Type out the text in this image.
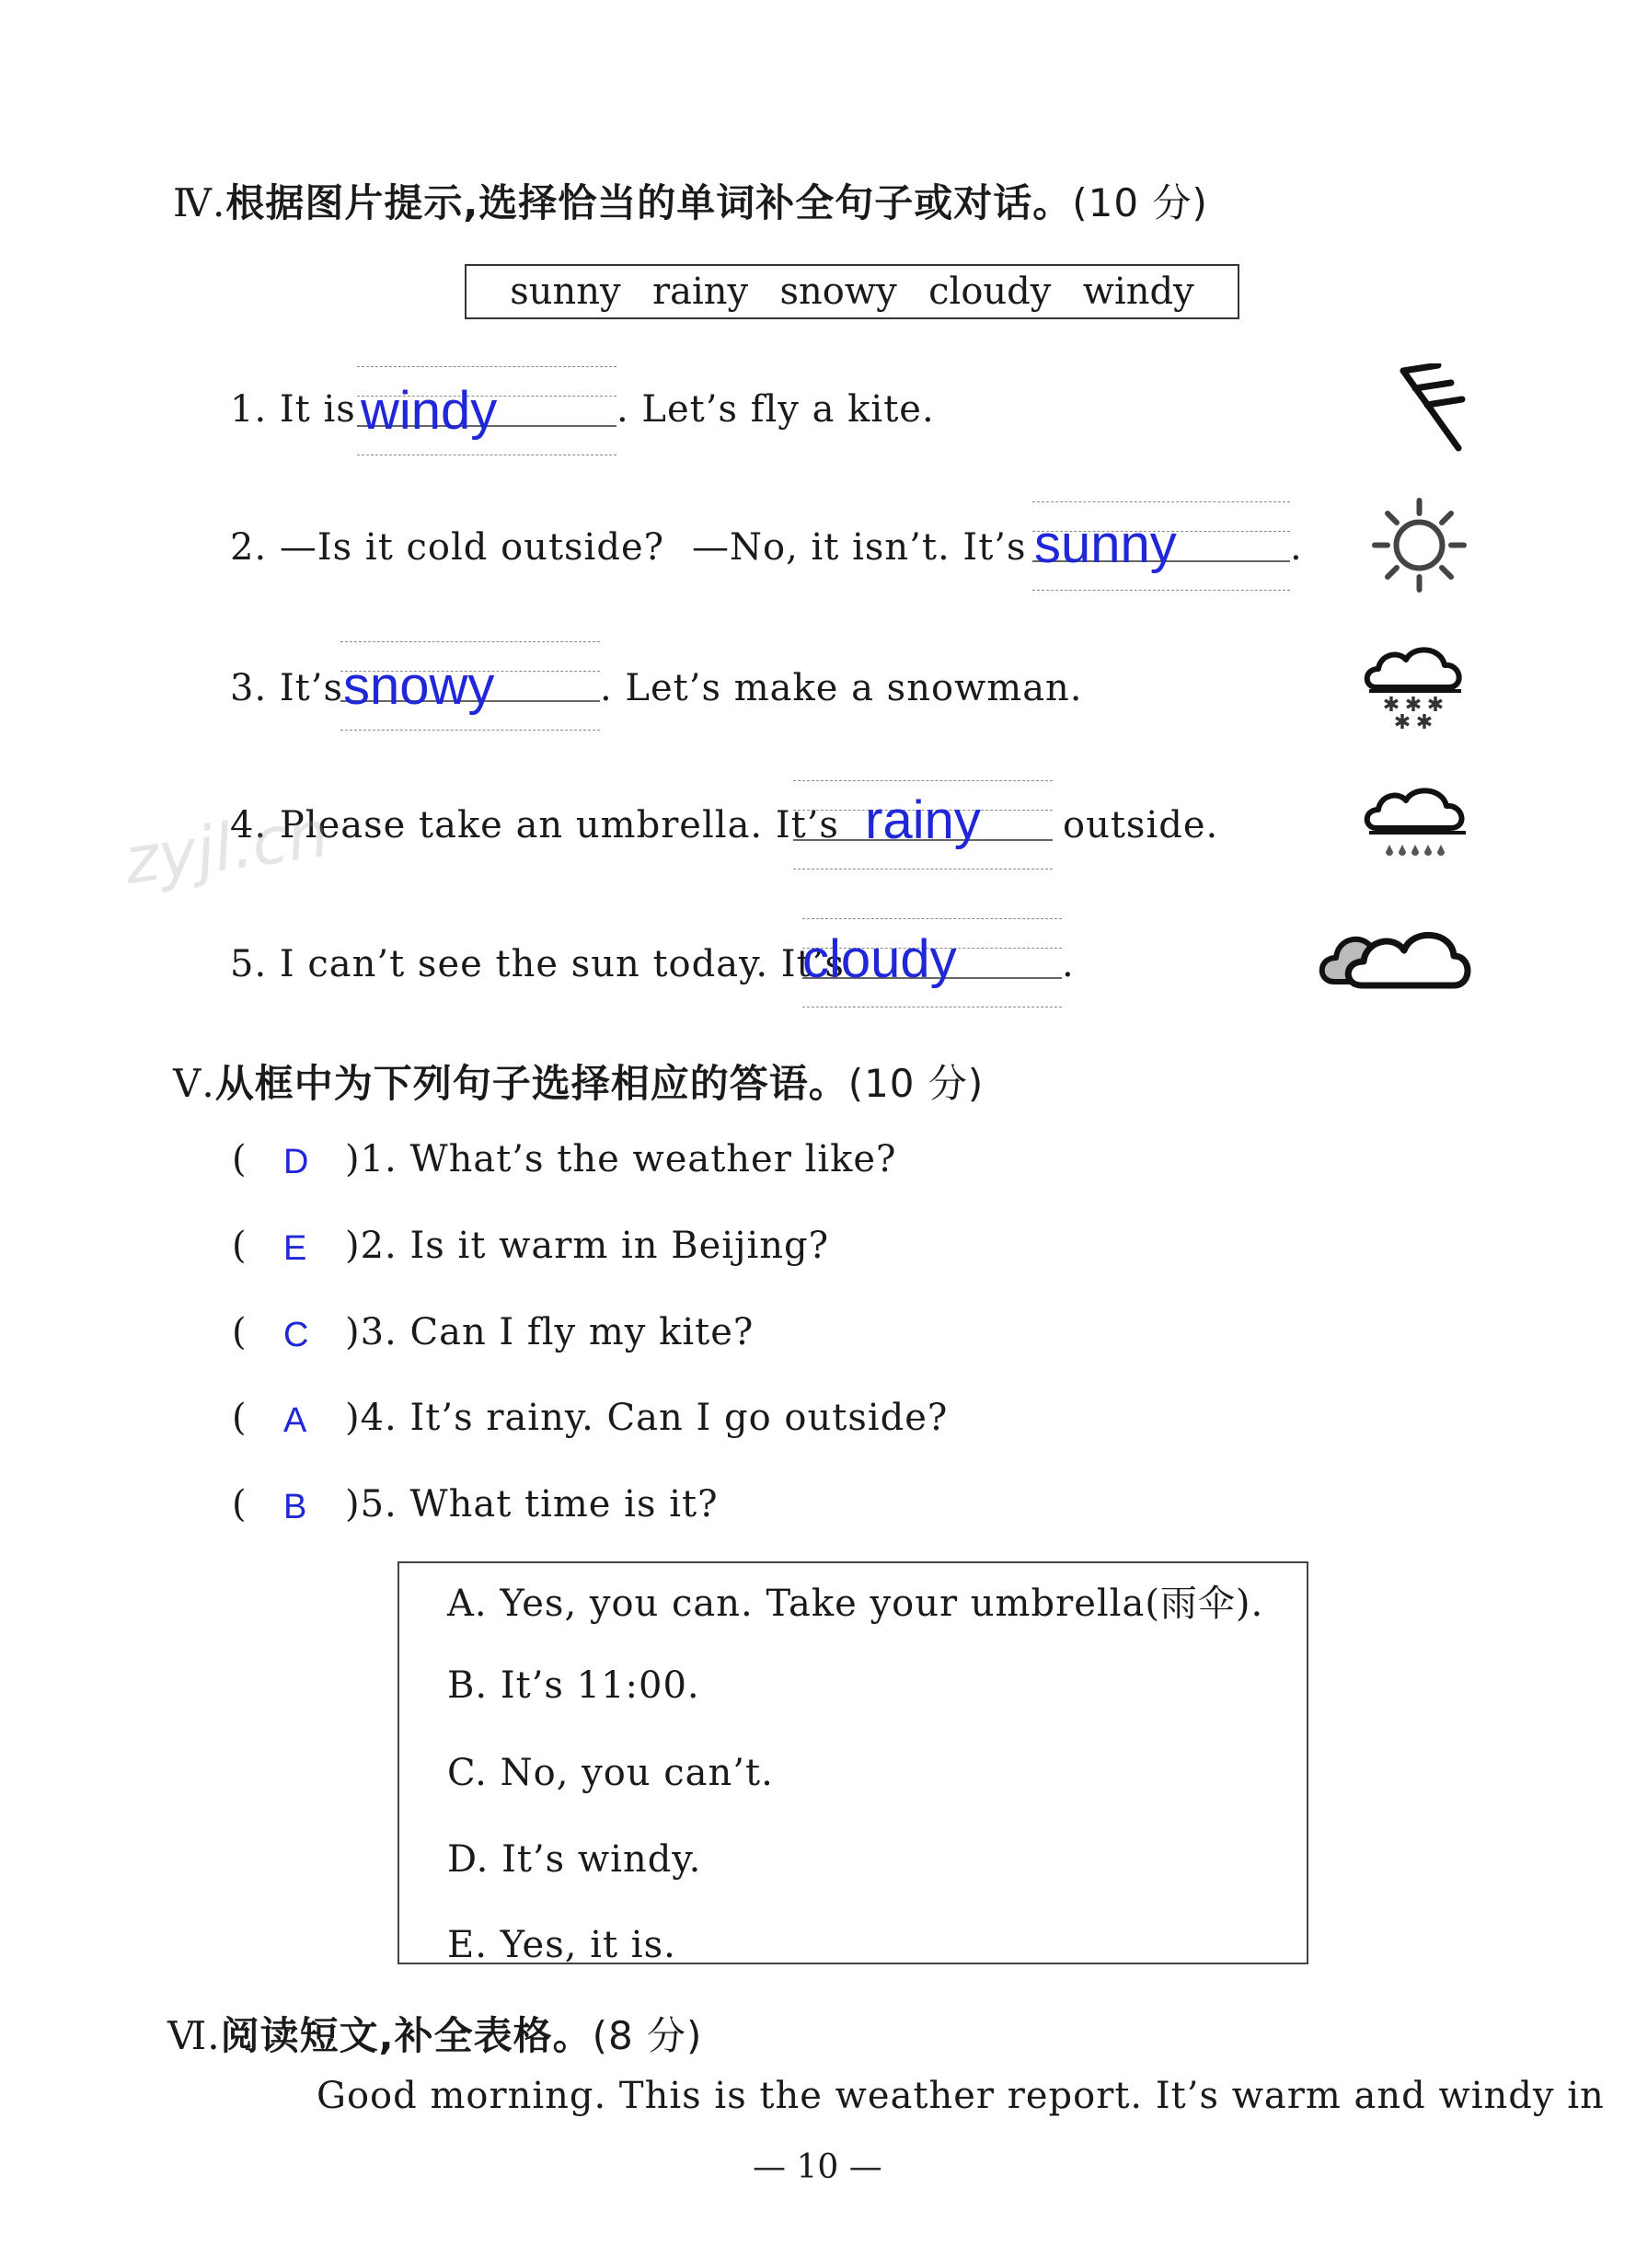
Ⅳ.根据图片提示,选择恰当的单词补全句子或对话。(10 分)
sunny rainy snowy cloudy windy
1. It is windy	. Let’s fly a kite.
2. —Is it cold outside? —No, it isn’t. It’s sunny	.
3. It’s snowy	. Let’s make a snowman.	✱ ✱ ✱
✱ ✱
4. Please take an umbrella. It’s rainy	outside.
5. I can’t see the sun today. It’s
cloudy	.
Ⅴ.从框中为下列句子选择相应的答语。(10 分)
( D )1. What’s the weather like?
( E )2. Is it warm in Beijing?
( C )3. Can I fly my kite?
( A )4. It’s rainy. Can I go outside?
( B )5. What time is it?
A. Yes, you can. Take your umbrella(雨伞).
B. It’s 11:00.
C. No, you can’t.
D. It’s windy.
E. Yes, it is.
Ⅵ.阅读短文,补全表格。(8 分)
Good morning. This is the weather report. It’s warm and windy in
zyjl.cn
— 10 —
